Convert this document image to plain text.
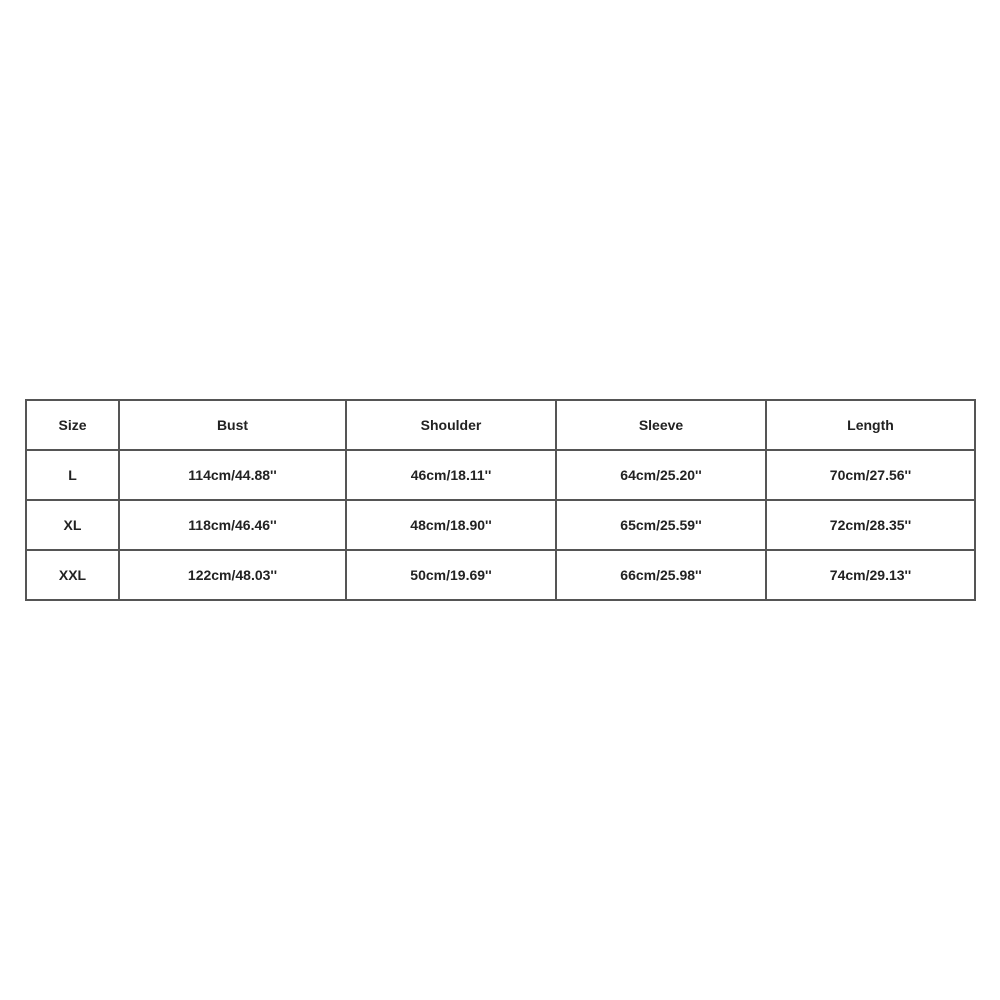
Size	Bust	Shoulder	Sleeve	Length
L	114cm/44.88''	46cm/18.11''	64cm/25.20''	70cm/27.56''
XL	118cm/46.46''	48cm/18.90''	65cm/25.59''	72cm/28.35''
XXL	122cm/48.03''	50cm/19.69''	66cm/25.98''	74cm/29.13''
